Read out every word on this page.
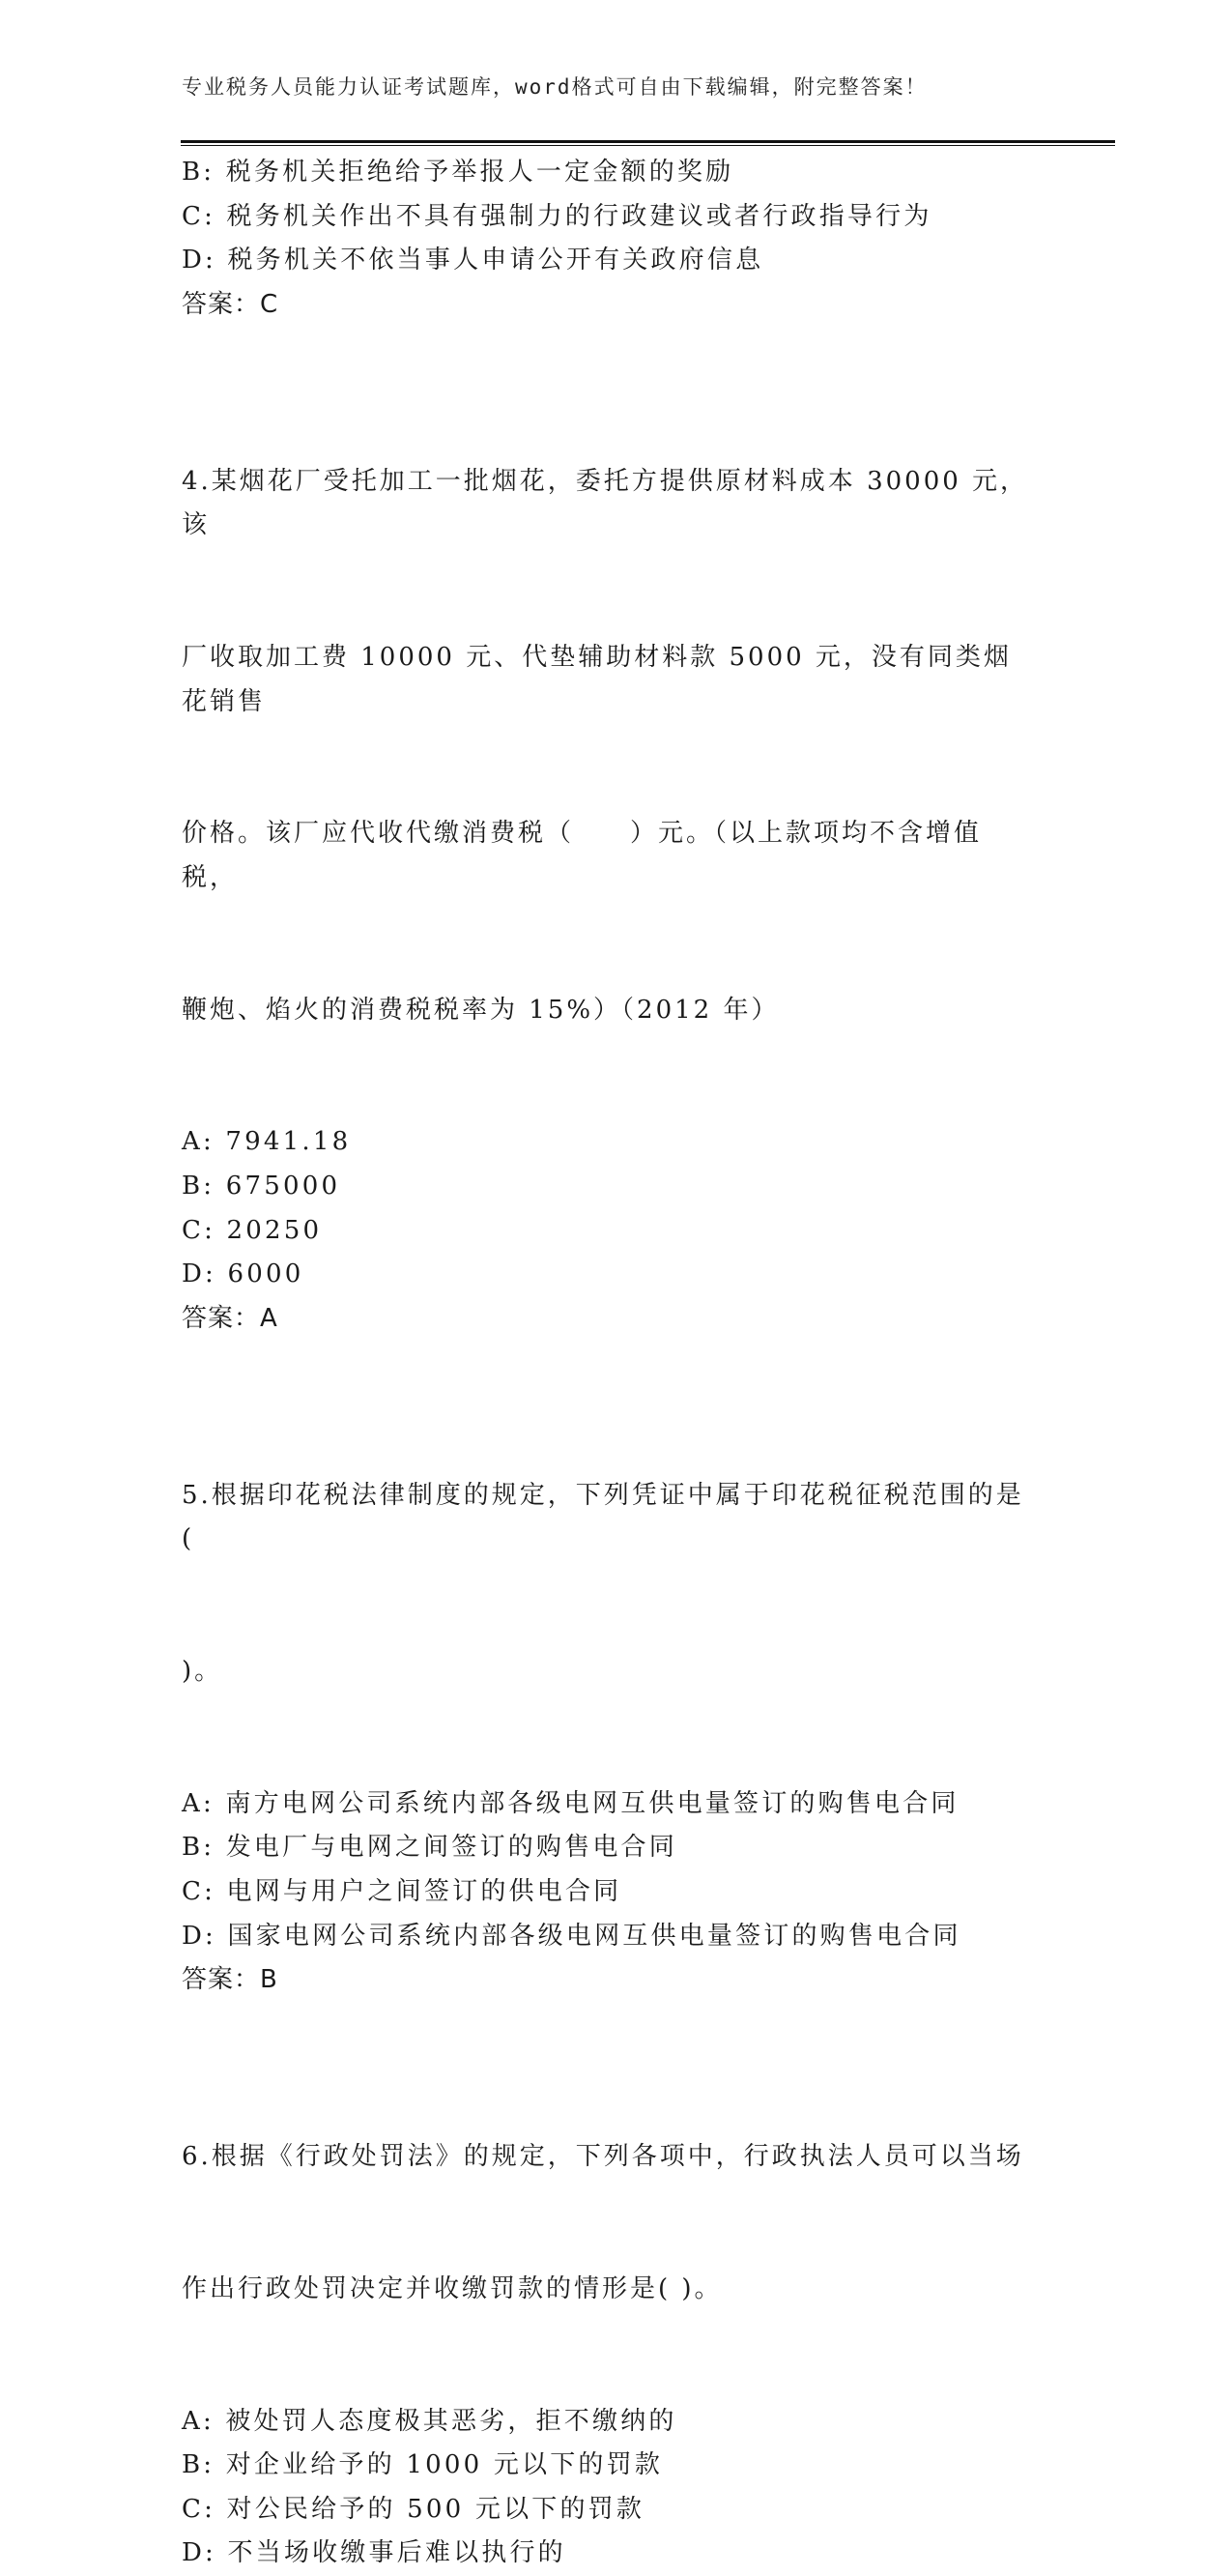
专业税务人员能力认证考试题库，word格式可自由下载编辑，附完整答案！
B: 税务机关拒绝给予举报人一定金额的奖励
C: 税务机关作出不具有强制力的行政建议或者行政指导行为
D: 税务机关不依当事人申请公开有关政府信息
答案：C

4.某烟花厂受托加工一批烟花，委托方提供原材料成本 30000 元，该

厂收取加工费 10000 元、代垫辅助材料款 5000 元，没有同类烟花销售

价格。该厂应代收代缴消费税（　　）元。（以上款项均不含增值税，

鞭炮、焰火的消费税税率为 15%）（2012 年）

A: 7941.18
B: 675000
C: 20250
D: 6000
答案：A

5.根据印花税法律制度的规定，下列凭证中属于印花税征税范围的是(

)。

A: 南方电网公司系统内部各级电网互供电量签订的购售电合同
B: 发电厂与电网之间签订的购售电合同
C: 电网与用户之间签订的供电合同
D: 国家电网公司系统内部各级电网互供电量签订的购售电合同
答案：B

6.根据《行政处罚法》的规定，下列各项中，行政执法人员可以当场

作出行政处罚决定并收缴罚款的情形是( )。

A: 被处罚人态度极其恶劣，拒不缴纳的
B: 对企业给予的 1000 元以下的罚款
C: 对公民给予的 500 元以下的罚款
D: 不当场收缴事后难以执行的
